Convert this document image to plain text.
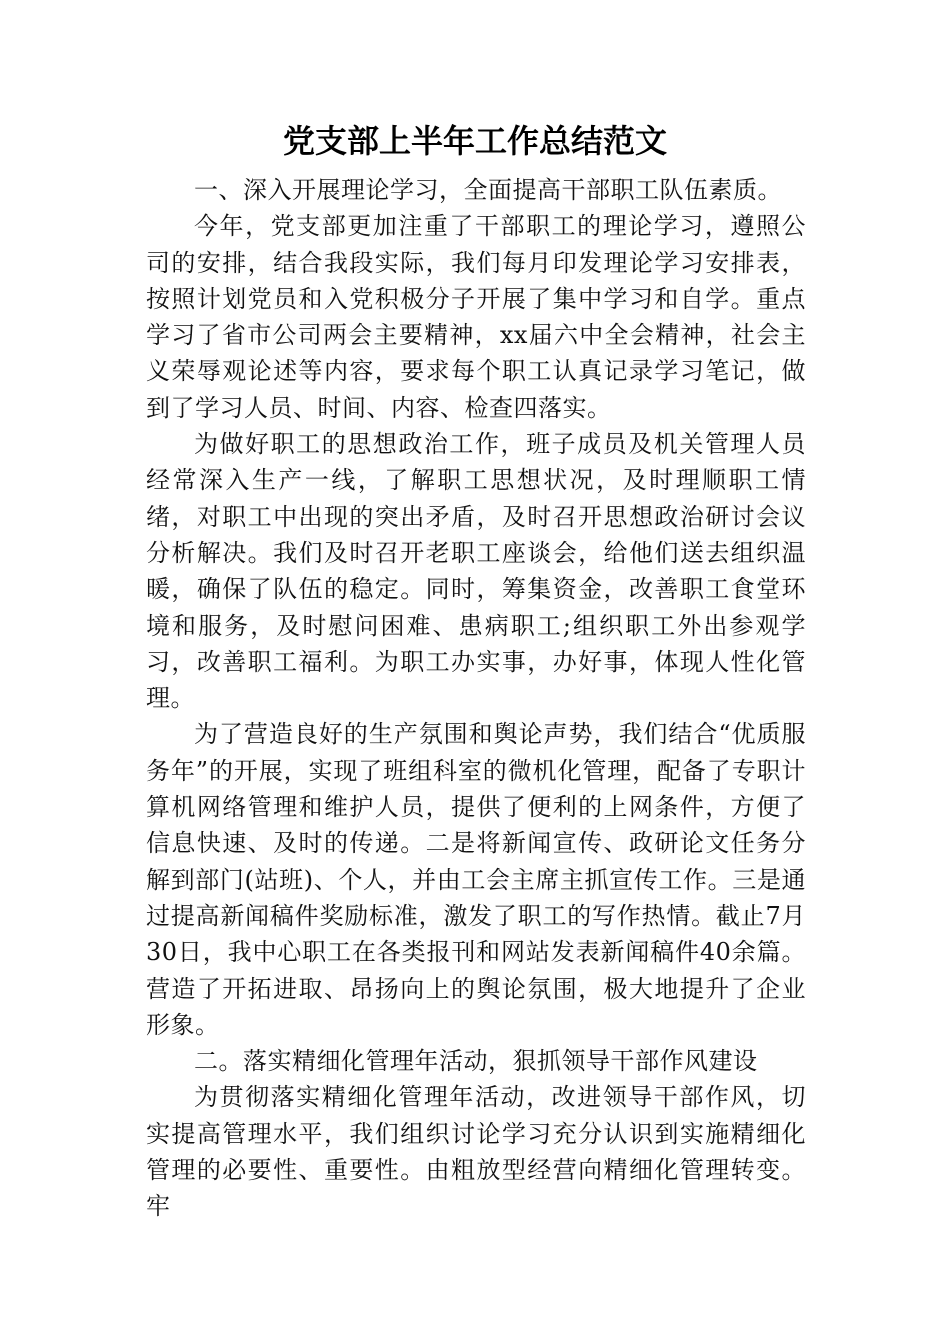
党支部上半年工作总结范文

一、深入开展理论学习，全面提高干部职工队伍素质。

今年，党支部更加注重了干部职工的理论学习，遵照公司的安排，结合我段实际，我们每月印发理论学习安排表，按照计划党员和入党积极分子开展了集中学习和自学。重点学习了省市公司两会主要精神，xx届六中全会精神，社会主义荣辱观论述等内容，要求每个职工认真记录学习笔记，做到了学习人员、时间、内容、检查四落实。

为做好职工的思想政治工作，班子成员及机关管理人员经常深入生产一线，了解职工思想状况，及时理顺职工情绪，对职工中出现的突出矛盾，及时召开思想政治研讨会议分析解决。我们及时召开老职工座谈会，给他们送去组织温暖，确保了队伍的稳定。同时，筹集资金，改善职工食堂环境和服务，及时慰问困难、患病职工;组织职工外出参观学习，改善职工福利。为职工办实事，办好事，体现人性化管理。

为了营造良好的生产氛围和舆论声势，我们结合“优质服务年”的开展，实现了班组科室的微机化管理，配备了专职计算机网络管理和维护人员，提供了便利的上网条件，方便了信息快速、及时的传递。二是将新闻宣传、政研论文任务分解到部门(站班)、个人，并由工会主席主抓宣传工作。三是通过提高新闻稿件奖励标准，激发了职工的写作热情。截止7月30日，我中心职工在各类报刊和网站发表新闻稿件40余篇。营造了开拓进取、昂扬向上的舆论氛围，极大地提升了企业形象。

二。落实精细化管理年活动，狠抓领导干部作风建设

为贯彻落实精细化管理年活动，改进领导干部作风，切实提高管理水平，我们组织讨论学习充分认识到实施精细化管理的必要性、重要性。由粗放型经营向精细化管理转变。牢
